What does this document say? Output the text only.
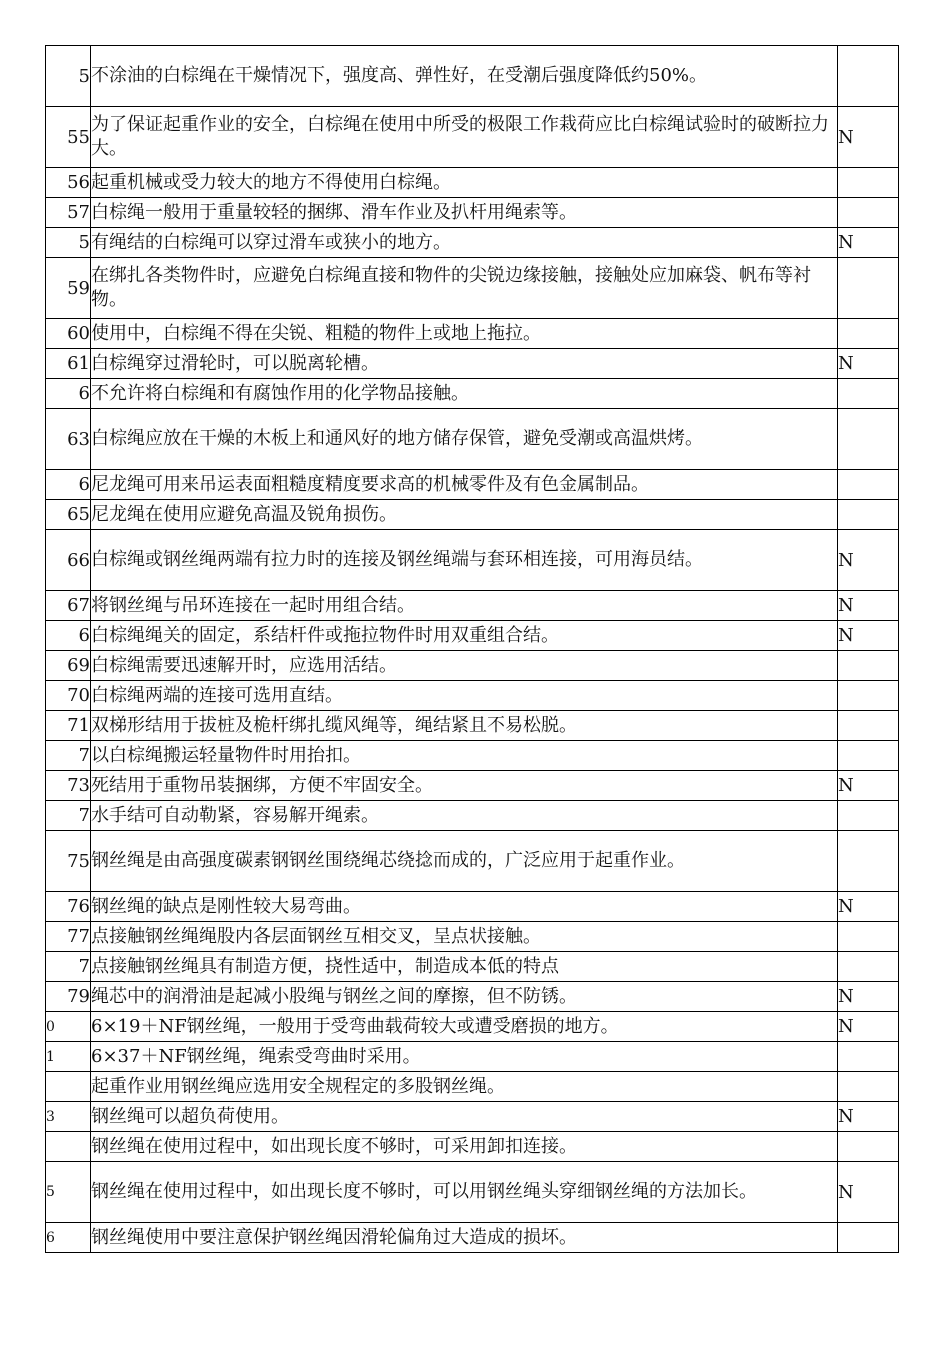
5	不涂油的白棕绳在干燥情况下，强度高、弹性好，在受潮后强度降低约50%。	
55	为了保证起重作业的安全，白棕绳在使用中所受的极限工作栽荷应比白棕绳试验时的破断拉力大。	N
56	起重机械或受力较大的地方不得使用白棕绳。	
57	白棕绳一般用于重量较轻的捆绑、滑车作业及扒杆用绳索等。	
5	有绳结的白棕绳可以穿过滑车或狭小的地方。	N
59	在绑扎各类物件时，应避免白棕绳直接和物件的尖锐边缘接触，接触处应加麻袋、帆布等衬物。	
60	使用中，白棕绳不得在尖锐、粗糙的物件上或地上拖拉。	
61	白棕绳穿过滑轮时，可以脱离轮槽。	N
6	不允许将白棕绳和有腐蚀作用的化学物品接触。	
63	白棕绳应放在干燥的木板上和通风好的地方储存保管，避免受潮或高温烘烤。	
6	尼龙绳可用来吊运表面粗糙度精度要求高的机械零件及有色金属制品。	
65	尼龙绳在使用应避免高温及锐角损伤。	
66	白棕绳或钢丝绳两端有拉力时的连接及钢丝绳端与套环相连接，可用海员结。	N
67	将钢丝绳与吊环连接在一起时用组合结。	N
6	白棕绳绳关的固定，系结杆件或拖拉物件时用双重组合结。	N
69	白棕绳需要迅速解开时，应选用活结。	
70	白棕绳两端的连接可选用直结。	
71	双梯形结用于拔桩及桅杆绑扎缆风绳等，绳结紧且不易松脱。	
7	以白棕绳搬运轻量物件时用抬扣。	
73	死结用于重物吊装捆绑，方便不牢固安全。	N
7	水手结可自动勒紧，容易解开绳索。	
75	钢丝绳是由高强度碳素钢钢丝围绕绳芯绕捻而成的，广泛应用于起重作业。	
76	钢丝绳的缺点是刚性较大易弯曲。	N
77	点接触钢丝绳绳股内各层面钢丝互相交叉，呈点状接触。	
7	点接触钢丝绳具有制造方便，挠性适中，制造成本低的特点	
79	绳芯中的润滑油是起减小股绳与钢丝之间的摩擦，但不防锈。	N
0	6×19＋NF钢丝绳，一般用于受弯曲载荷较大或遭受磨损的地方。	N
1	6×37＋NF钢丝绳，绳索受弯曲时采用。	
	起重作业用钢丝绳应选用安全规程定的多股钢丝绳。	
3	钢丝绳可以超负荷使用。	N
	钢丝绳在使用过程中，如出现长度不够时，可采用卸扣连接。	
5	钢丝绳在使用过程中，如出现长度不够时，可以用钢丝绳头穿细钢丝绳的方法加长。	N
6	钢丝绳使用中要注意保护钢丝绳因滑轮偏角过大造成的损坏。	
